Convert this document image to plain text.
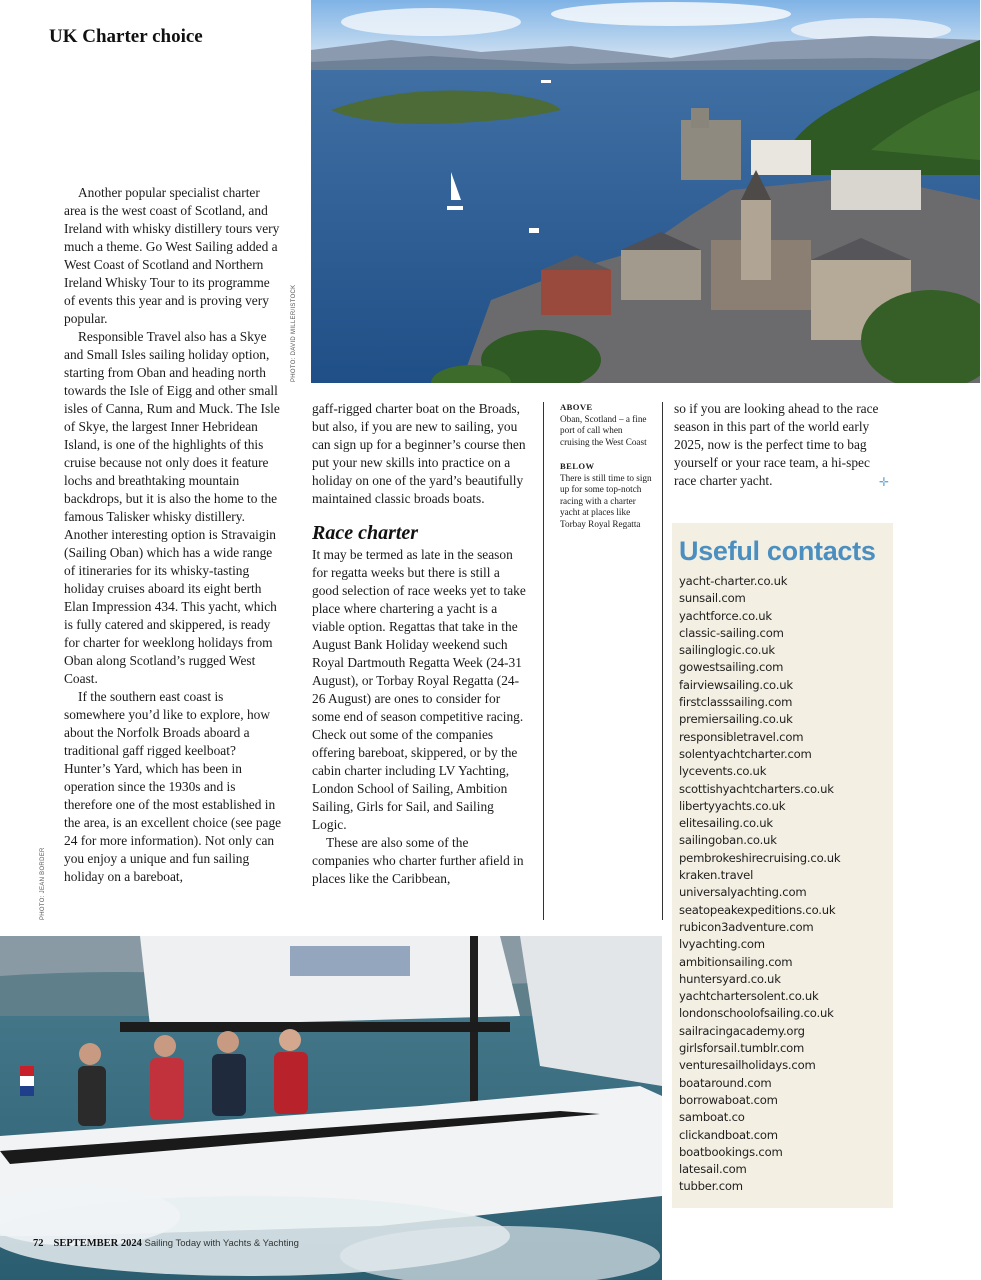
UK Charter choice
PHOTO: DAVID MILLER/ISTOCK

Another popular specialist charter area is the west coast of Scotland, and Ireland with whisky distillery tours very much a theme. Go West Sailing added a West Coast of Scotland and Northern Ireland Whisky Tour to its programme of events this year and is proving very popular.

Responsible Travel also has a Skye and Small Isles sailing holiday option, starting from Oban and heading north towards the Isle of Eigg and other small isles of Canna, Rum and Muck. The Isle of Skye, the largest Inner Hebridean Island, is one of the highlights of this cruise because not only does it feature lochs and breathtaking mountain backdrops, but it is also the home to the famous Talisker whisky distillery. Another interesting option is Stravaigin (Sailing Oban) which has a wide range of itineraries for its whisky-tasting holiday cruises aboard its eight berth Elan Impression 434. This yacht, which is fully catered and skippered, is ready for charter for weeklong holidays from Oban along Scotland’s rugged West Coast.

If the southern east coast is somewhere you’d like to explore, how about the Norfolk Broads aboard a traditional gaff rigged keelboat? Hunter’s Yard, which has been in operation since the 1930s and is therefore one of the most established in the area, is an excellent choice (see page 24 for more information). Not only can you enjoy a unique and fun sailing holiday on a bareboat,

PHOTO: JEAN BORDER

gaff-rigged charter boat on the Broads, but also, if you are new to sailing, you can sign up for a beginner’s course then put your new skills into practice on a holiday on one of the yard’s beautifully maintained classic broads boats.

Race charter

It may be termed as late in the season for regatta weeks but there is still a good selection of race weeks yet to take place where chartering a yacht is a viable option. Regattas that take in the August Bank Holiday weekend such Royal Dartmouth Regatta Week (24-31 August), or Torbay Royal Regatta (24-26 August) are ones to consider for some end of season competitive racing. Check out some of the companies offering bareboat, skippered, or by the cabin charter including LV Yachting, London School of Sailing, Ambition Sailing, Girls for Sail, and Sailing Logic.

These are also some of the companies who charter further afield in places like the Caribbean,

ABOVE
Oban, Scotland – a fine port of call when cruising the West Coast
BELOW
There is still time to sign up for some top-notch racing with a charter yacht at places like Torbay Royal Regatta

so if you are looking ahead to the race season in this part of the world early 2025, now is the perfect time to bag yourself or your race team, a hi-spec race charter yacht.	✛
Useful contacts
yacht-charter.co.uk
sunsail.com
yachtforce.co.uk
classic-sailing.com
sailinglogic.co.uk
gowestsailing.com
fairviewsailing.co.uk
firstclasssailing.com
premiersailing.co.uk
responsibletravel.com
solentyachtcharter.com
lycevents.co.uk
scottishyachtcharters.co.uk
libertyyachts.co.uk
elitesailing.co.uk
sailingoban.co.uk
pembrokeshirecruising.co.uk
kraken.travel
universalyachting.com
seatopeakexpeditions.co.uk
rubicon3adventure.com
lvyachting.com
ambitionsailing.com
huntersyard.co.uk
yachtchartersolent.co.uk
londonschoolofsailing.co.uk
sailracingacademy.org
girlsforsail.tumblr.com
venturesailholidays.com
boataround.com
borrowaboat.com
samboat.co
clickandboat.com
boatbookings.com
latesail.com
tubber.com
72 SEPTEMBER 2024 Sailing Today with Yachts & Yachting
